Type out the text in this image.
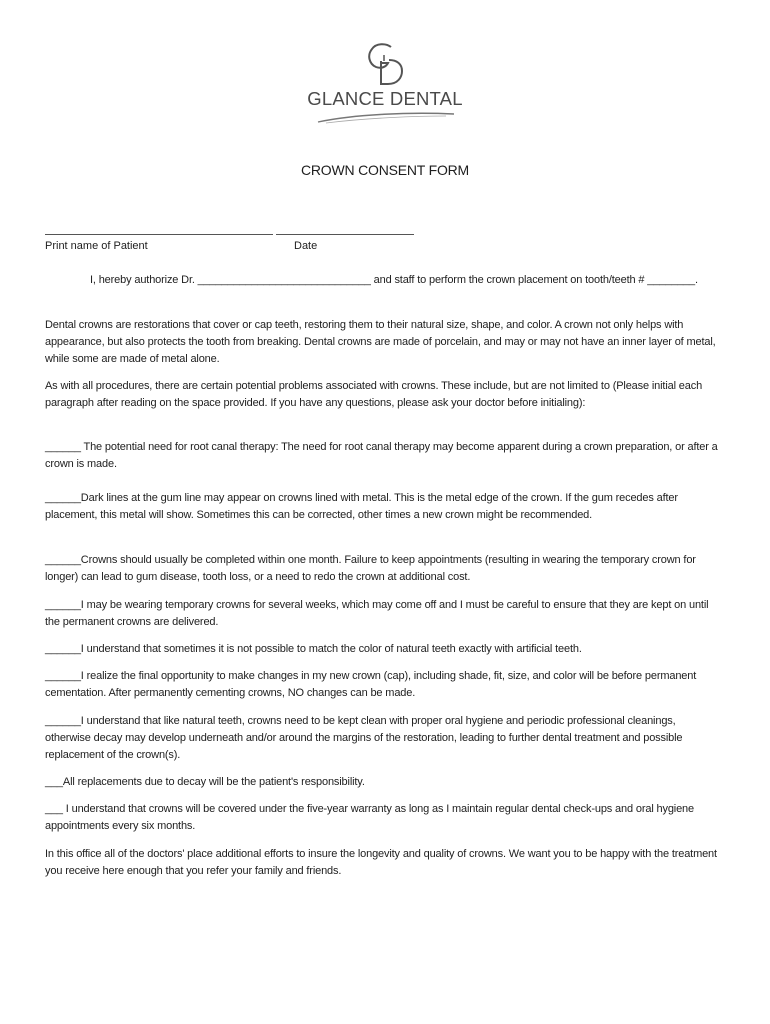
GLANCE DENTAL
CROWN CONSENT FORM
Print name of Patient	Date

I, hereby authorize Dr. _____________________________ and staff to perform the crown placement on tooth/teeth # ________.

Dental crowns are restorations that cover or cap teeth, restoring them to their natural size, shape, and color. A crown not only helps with appearance, but also protects the tooth from breaking. Dental crowns are made of porcelain, and may or may not have an inner layer of metal, while some are made of metal alone.

As with all procedures, there are certain potential problems associated with crowns. These include, but are not limited to (Please initial each paragraph after reading on the space provided. If you have any questions, please ask your doctor before initialing):

______ The potential need for root canal therapy: The need for root canal therapy may become apparent during a crown preparation, or after a crown is made.

______Dark lines at the gum line may appear on crowns lined with metal. This is the metal edge of the crown. If the gum recedes after placement, this metal will show. Sometimes this can be corrected, other times a new crown might be recommended.

______Crowns should usually be completed within one month. Failure to keep appointments (resulting in wearing the temporary crown for longer) can lead to gum disease, tooth loss, or a need to redo the crown at additional cost.

______I may be wearing temporary crowns for several weeks, which may come off and I must be careful to ensure that they are kept on until the permanent crowns are delivered.

______I understand that sometimes it is not possible to match the color of natural teeth exactly with artificial teeth.

______I realize the final opportunity to make changes in my new crown (cap), including shade, fit, size, and color will be before permanent cementation. After permanently cementing crowns, NO changes can be made.

______I understand that like natural teeth, crowns need to be kept clean with proper oral hygiene and periodic professional cleanings, otherwise decay may develop underneath and/or around the margins of the restoration, leading to further dental treatment and possible replacement of the crown(s).

___All replacements due to decay will be the patient's responsibility.

___ I understand that crowns will be covered under the five-year warranty as long as I maintain regular dental check-ups and oral hygiene appointments every six months.

In this office all of the doctors' place additional efforts to insure the longevity and quality of crowns. We want you to be happy with the treatment you receive here enough that you refer your family and friends.
